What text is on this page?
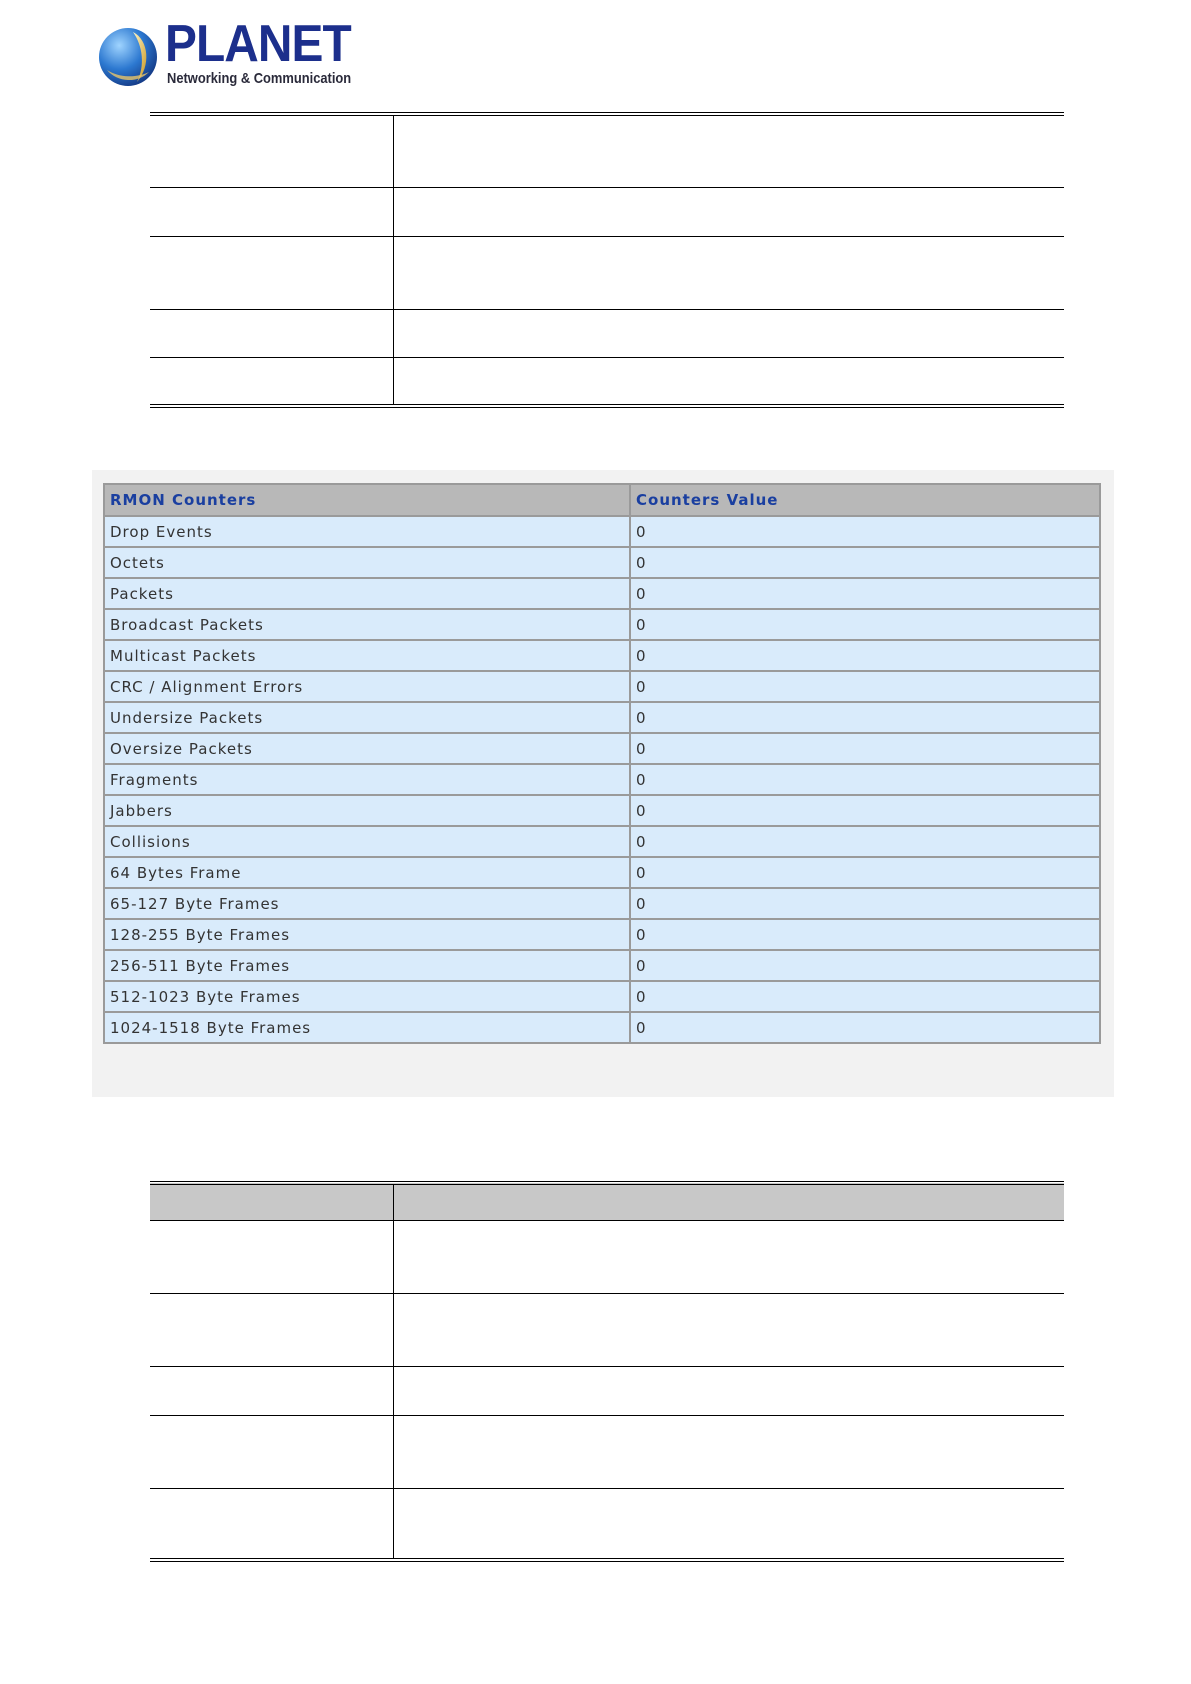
PLANET
Networking & Communication

RMON Counters	Counters Value
Drop Events	0
Octets	0
Packets	0
Broadcast Packets	0
Multicast Packets	0
CRC / Alignment Errors	0
Undersize Packets	0
Oversize Packets	0
Fragments	0
Jabbers	0
Collisions	0
64 Bytes Frame	0
65-127 Byte Frames	0
128-255 Byte Frames	0
256-511 Byte Frames	0
512-1023 Byte Frames	0
1024-1518 Byte Frames	0
